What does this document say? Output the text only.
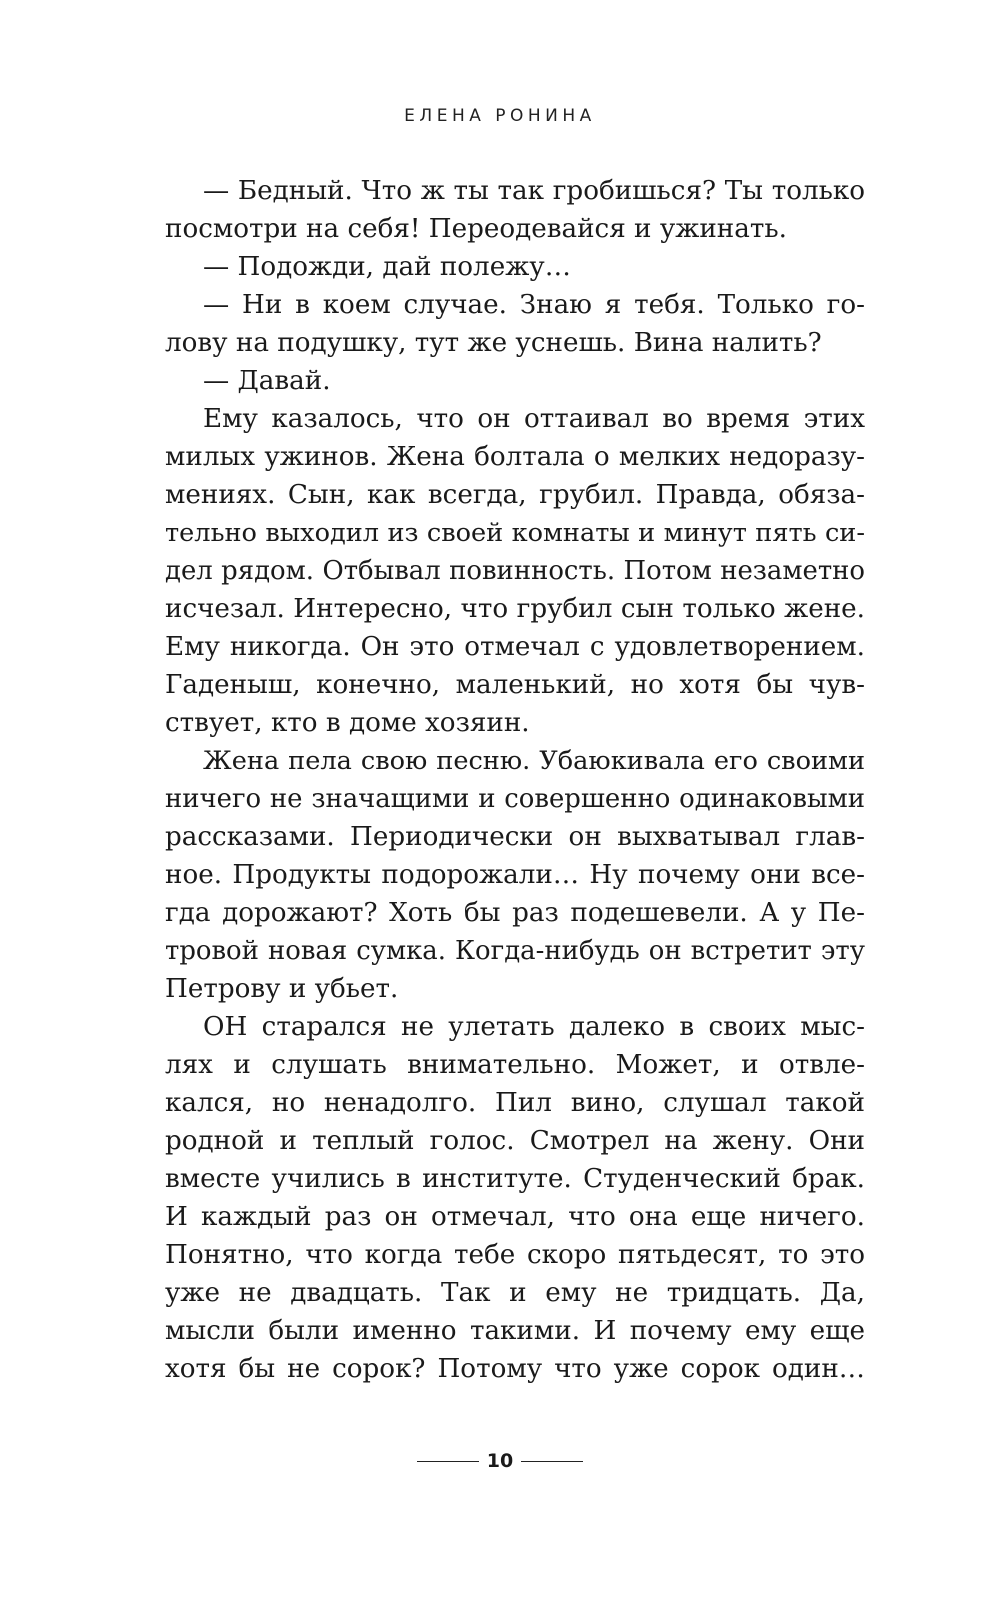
ЕЛЕНА РОНИНА
— Бедный. Что ж ты так гробишься? Ты только
посмотри на себя! Переодевайся и ужинать.
— Подожди, дай полежу…
— Ни в коем случае. Знаю я тебя. Только го-
лову на подушку, тут же уснешь. Вина налить?
— Давай.
Ему казалось, что он оттаивал во время этих
милых ужинов. Жена болтала о мелких недоразу-
мениях. Сын, как всегда, грубил. Правда, обяза-
тельно выходил из своей комнаты и минут пять си-
дел рядом. Отбывал повинность. Потом незаметно
исчезал. Интересно, что грубил сын только жене.
Ему никогда. Он это отмечал с удовлетворением.
Гаденыш, конечно, маленький, но хотя бы чув-
ствует, кто в доме хозяин.
Жена пела свою песню. Убаюкивала его своими
ничего не значащими и совершенно одинаковыми
рассказами. Периодически он выхватывал глав-
ное. Продукты подорожали… Ну почему они все-
гда дорожают? Хоть бы раз подешевели. А у Пе-
тровой новая сумка. Когда-нибудь он встретит эту
Петрову и убьет.
ОН старался не улетать далеко в своих мыс-
лях и слушать внимательно. Может, и отвле-
кался, но ненадолго. Пил вино, слушал такой
родной и теплый голос. Смотрел на жену. Они
вместе учились в институте. Студенческий брак.
И каждый раз он отмечал, что она еще ничего.
Понятно, что когда тебе скоро пятьдесят, то это
уже не двадцать. Так и ему не тридцать. Да,
мысли были именно такими. И почему ему еще
хотя бы не сорок? Потому что уже сорок один…
10
